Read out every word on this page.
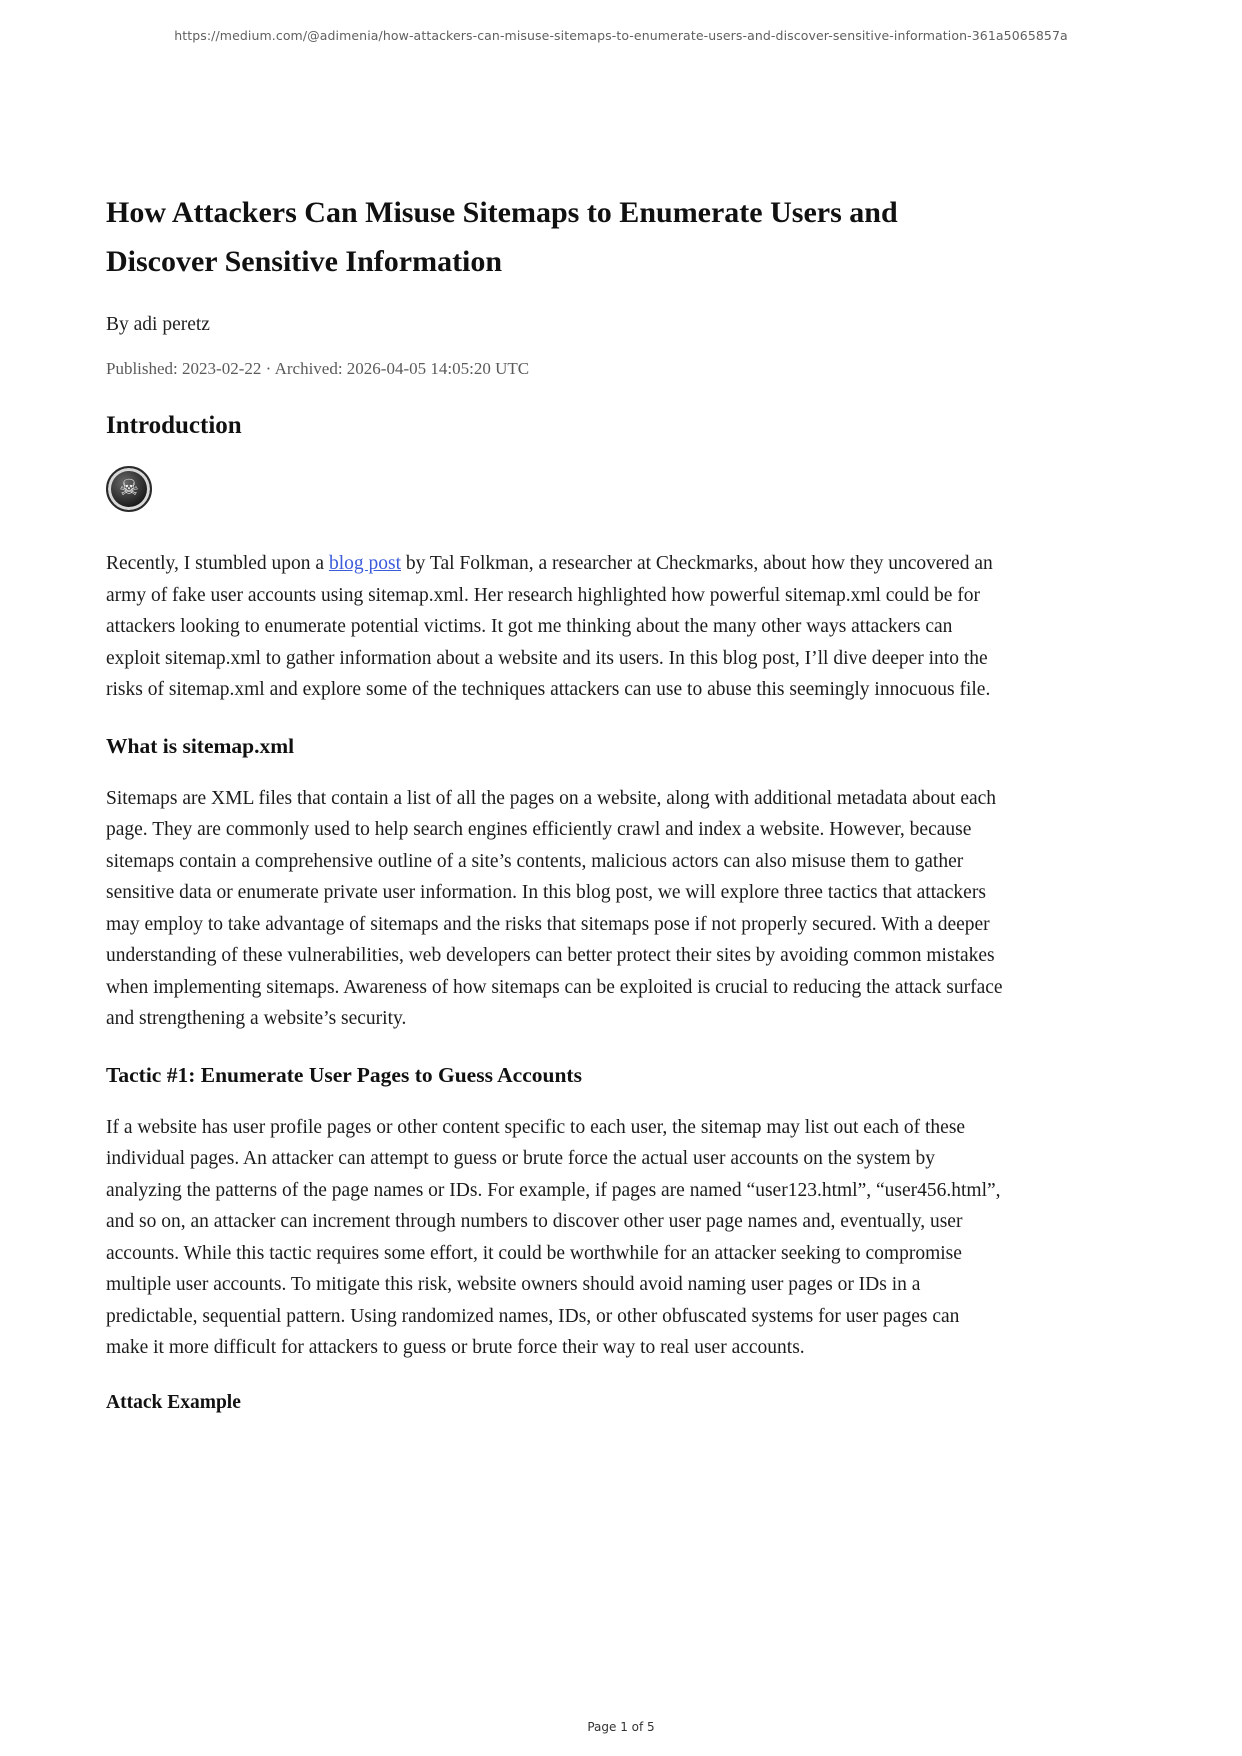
https://medium.com/@adimenia/how-attackers-can-misuse-sitemaps-to-enumerate-users-and-discover-sensitive-information-361a5065857a
How Attackers Can Misuse Sitemaps to Enumerate Users and Discover Sensitive Information
By adi peretz
Published: 2023-02-22 · Archived: 2026-04-05 14:05:20 UTC
Introduction
☠
Recently, I stumbled upon a blog post by Tal Folkman, a researcher at Checkmarks, about how they uncovered an army of fake user accounts using sitemap.xml. Her research highlighted how powerful sitemap.xml could be for attackers looking to enumerate potential victims. It got me thinking about the many other ways attackers can exploit sitemap.xml to gather information about a website and its users. In this blog post, I’ll dive deeper into the risks of sitemap.xml and explore some of the techniques attackers can use to abuse this seemingly innocuous file.
What is sitemap.xml
Sitemaps are XML files that contain a list of all the pages on a website, along with additional metadata about each page. They are commonly used to help search engines efficiently crawl and index a website. However, because sitemaps contain a comprehensive outline of a site’s contents, malicious actors can also misuse them to gather sensitive data or enumerate private user information. In this blog post, we will explore three tactics that attackers may employ to take advantage of sitemaps and the risks that sitemaps pose if not properly secured. With a deeper understanding of these vulnerabilities, web developers can better protect their sites by avoiding common mistakes when implementing sitemaps. Awareness of how sitemaps can be exploited is crucial to reducing the attack surface and strengthening a website’s security.
Tactic #1: Enumerate User Pages to Guess Accounts
If a website has user profile pages or other content specific to each user, the sitemap may list out each of these individual pages. An attacker can attempt to guess or brute force the actual user accounts on the system by analyzing the patterns of the page names or IDs. For example, if pages are named “user123.html”, “user456.html”, and so on, an attacker can increment through numbers to discover other user page names and, eventually, user accounts. While this tactic requires some effort, it could be worthwhile for an attacker seeking to compromise multiple user accounts. To mitigate this risk, website owners should avoid naming user pages or IDs in a predictable, sequential pattern. Using randomized names, IDs, or other obfuscated systems for user pages can make it more difficult for attackers to guess or brute force their way to real user accounts.
Attack Example
Page 1 of 5
